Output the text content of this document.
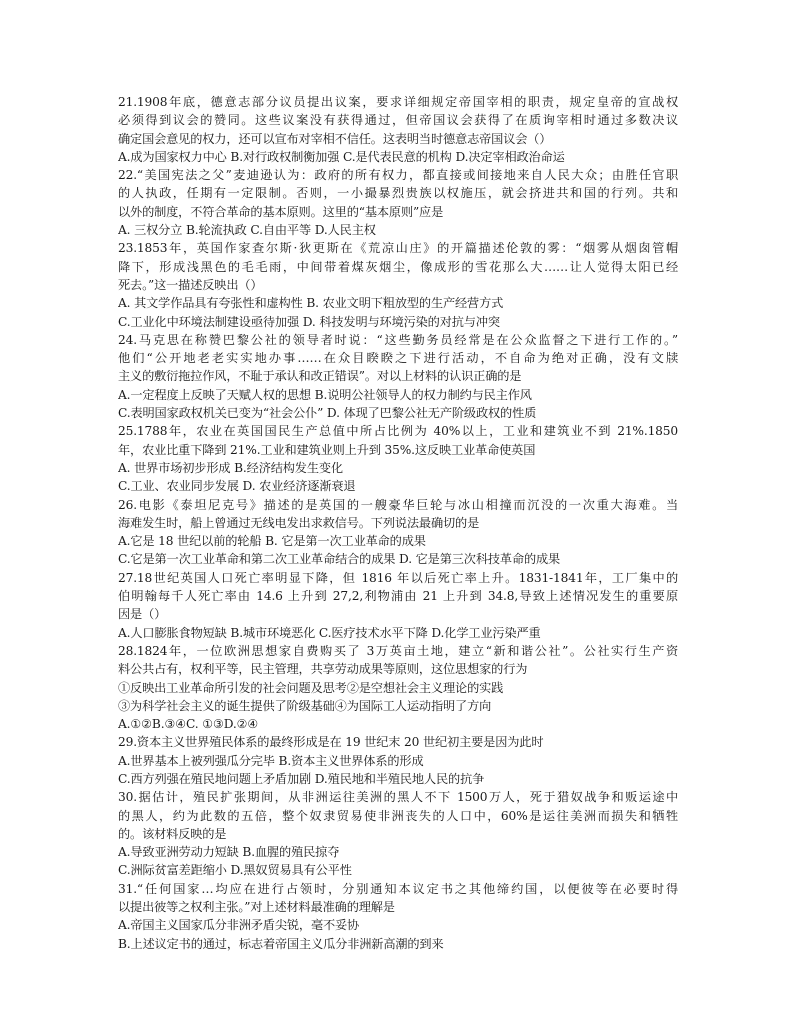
21.1908年底，德意志部分议员提出议案，要求详细规定帝国宰相的职责，规定皇帝的宣战权
必须得到议会的赞同。这些议案没有获得通过，但帝国议会获得了在质询宰相时通过多数决议
确定国会意见的权力，还可以宣布对宰相不信任。这表明当时德意志帝国议会（）
A.成为国家权力中心 B.对行政权制衡加强 C.是代表民意的机构 D.决定宰相政治命运
22.“美国宪法之父”麦迪逊认为：政府的所有权力，都直接或间接地来自人民大众；由胜任官职
的人执政，任期有一定限制。否则，一小撮暴烈贵族以权施压，就会挤进共和国的行列。共和
以外的制度，不符合革命的基本原则。这里的“基本原则”应是
A. 三权分立 B.轮流执政 C.自由平等 D.人民主权
23.1853年，英国作家查尔斯·狄更斯在《荒凉山庄》的开篇描述伦敦的雾：“烟雾从烟囱管帽
降下，形成浅黑色的毛毛雨，中间带着煤灰烟尘，像成形的雪花那么大……让人觉得太阳已经
死去。”这一描述反映出（）
A. 其文学作品具有夸张性和虚构性 B. 农业文明下粗放型的生产经营方式
C.工业化中环境法制建设亟待加强 D. 科技发明与环境污染的对抗与冲突
24.马克思在称赞巴黎公社的领导者时说：“这些勤务员经常是在公众监督之下进行工作的。”
他们“公开地老老实实地办事……在众目睽睽之下进行活动，不自命为绝对正确，没有文牍
主义的敷衍拖拉作风，不耻于承认和改正错误”。对以上材料的认识正确的是
A.一定程度上反映了天赋人权的思想 B.说明公社领导人的权力制约与民主作风
C.表明国家政权机关已变为“社会公仆” D. 体现了巴黎公社无产阶级政权的性质
25.1788年，农业在英国国民生产总值中所占比例为 40%以上，工业和建筑业不到 21%.1850
年，农业比重下降到 21%.工业和建筑业则上升到 35%.这反映工业革命使英国
A. 世界市场初步形成 B.经济结构发生变化
C.工业、农业同步发展 D. 农业经济逐渐衰退
26.电影《泰坦尼克号》描述的是英国的一艘豪华巨轮与冰山相撞而沉没的一次重大海难。当
海难发生时，船上曾通过无线电发出求救信号。下列说法最确切的是
A.它是 18 世纪以前的轮船 B. 它是第一次工业革命的成果
C.它是第一次工业革命和第二次工业革命结合的成果 D. 它是第三次科技革命的成果
27.18世纪英国人口死亡率明显下降，但 1816 年以后死亡率上升。1831-1841年，工厂集中的
伯明翰每千人死亡率由 14.6 上升到 27,2,利物浦由 21 上升到 34.8,导致上述情况发生的重要原
因是（）
A.人口膨胀食物短缺 B.城市环境恶化 C.医疗技术水平下降 D.化学工业污染严重
28.1824年，一位欧洲思想家自费购买了 3万英亩土地，建立“新和谐公社”。公社实行生产资
料公共占有，权利平等，民主管理，共享劳动成果等原则，这位思想家的行为
①反映出工业革命所引发的社会问题及思考②是空想社会主义理论的实践
③为科学社会主义的诞生提供了阶级基础④为国际工人运动指明了方向
A.①②B.③④C. ①③D.②④
29.资本主义世界殖民体系的最终形成是在 19 世纪末 20 世纪初主要是因为此时
A.世界基本上被列强瓜分完毕 B.资本主义世界体系的形成
C.西方列强在殖民地问题上矛盾加剧 D.殖民地和半殖民地人民的抗争
30.据估计，殖民扩张期间，从非洲运往美洲的黑人不下 1500万人，死于猎奴战争和贩运途中
的黑人，约为此数的五倍，整个奴隶贸易使非洲丧失的人口中，60%是运往美洲而损失和牺牲
的。该材料反映的是
A.导致亚洲劳动力短缺 B.血腥的殖民掠夺
C.洲际贫富差距缩小 D.黑奴贸易具有公平性
31.“任何国家…均应在进行占领时，分别通知本议定书之其他缔约国，以便彼等在必要时得
以提出彼等之权利主张。”对上述材料最准确的理解是
A.帝国主义国家瓜分非洲矛盾尖锐，毫不妥协
B.上述议定书的通过，标志着帝国主义瓜分非洲新高潮的到来
